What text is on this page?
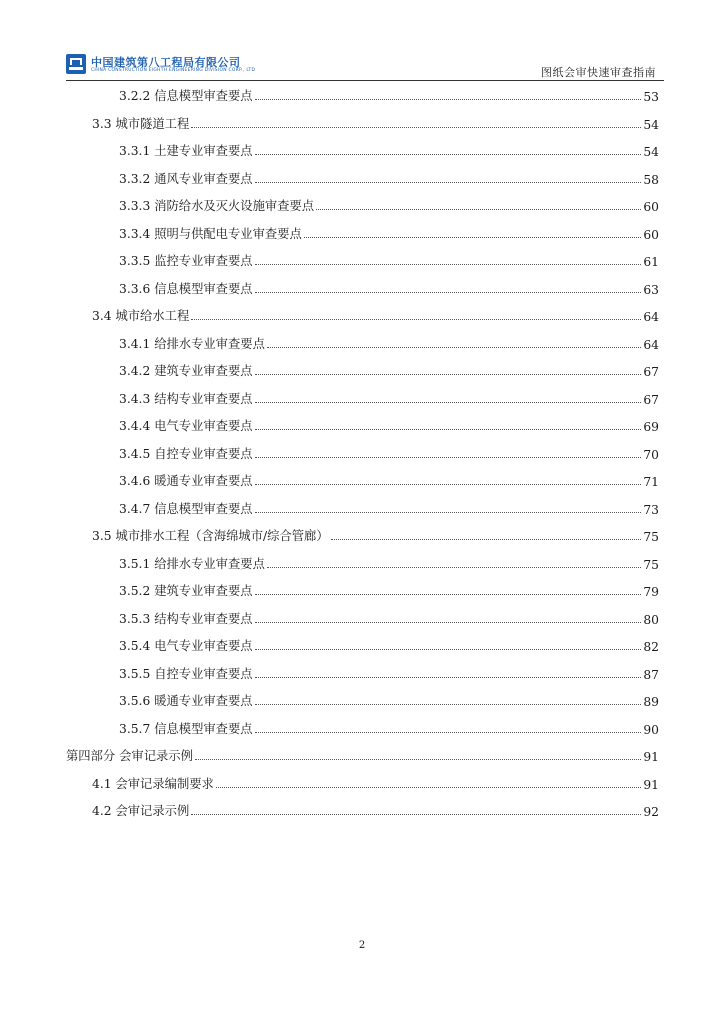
中国建筑第八工程局有限公司
CHINA CONSTRUCTION EIGHTH ENGINEERING DIVISION CORP., LTD	图纸会审快速审查指南
3.2.2 信息模型审查要点	53
3.3 城市隧道工程	54
3.3.1 土建专业审查要点	54
3.3.2 通风专业审查要点	58
3.3.3 消防给水及灭火设施审查要点	60
3.3.4 照明与供配电专业审查要点	60
3.3.5 监控专业审查要点	61
3.3.6 信息模型审查要点	63
3.4 城市给水工程	64
3.4.1 给排水专业审查要点	64
3.4.2 建筑专业审查要点	67
3.4.3 结构专业审查要点	67
3.4.4 电气专业审查要点	69
3.4.5 自控专业审查要点	70
3.4.6 暖通专业审查要点	71
3.4.7 信息模型审查要点	73
3.5 城市排水工程（含海绵城市/综合管廊）	75
3.5.1 给排水专业审查要点	75
3.5.2 建筑专业审查要点	79
3.5.3 结构专业审查要点	80
3.5.4 电气专业审查要点	82
3.5.5 自控专业审查要点	87
3.5.6 暖通专业审查要点	89
3.5.7 信息模型审查要点	90
第四部分 会审记录示例	91
4.1 会审记录编制要求	91
4.2 会审记录示例	92
2
